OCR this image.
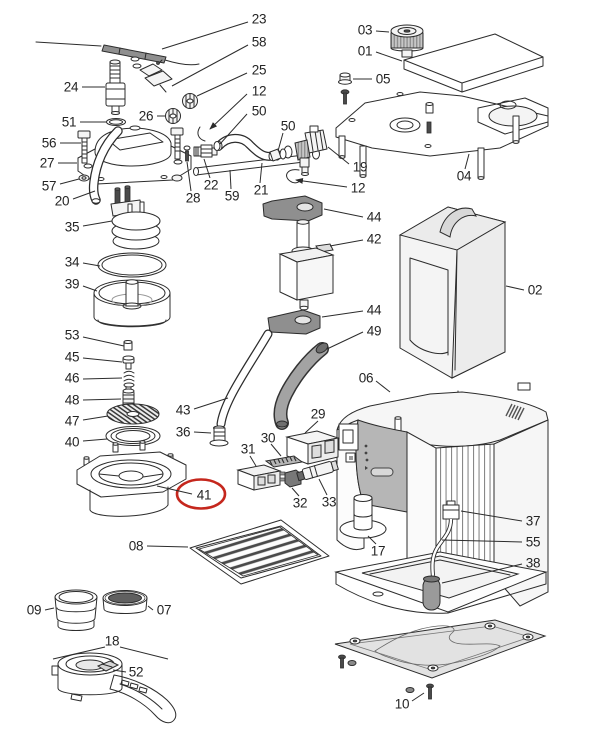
23
58
25
12
50
50
24
51	26
56
27
57
20	28
22
59 21	12
19
03
01
05
04
02
44
42
44
49
06
35
34
39
53
45
46
48
47
40
41
08
43
36
29
30
31
32 33
17
37
55
38
10
09	07
18
52
